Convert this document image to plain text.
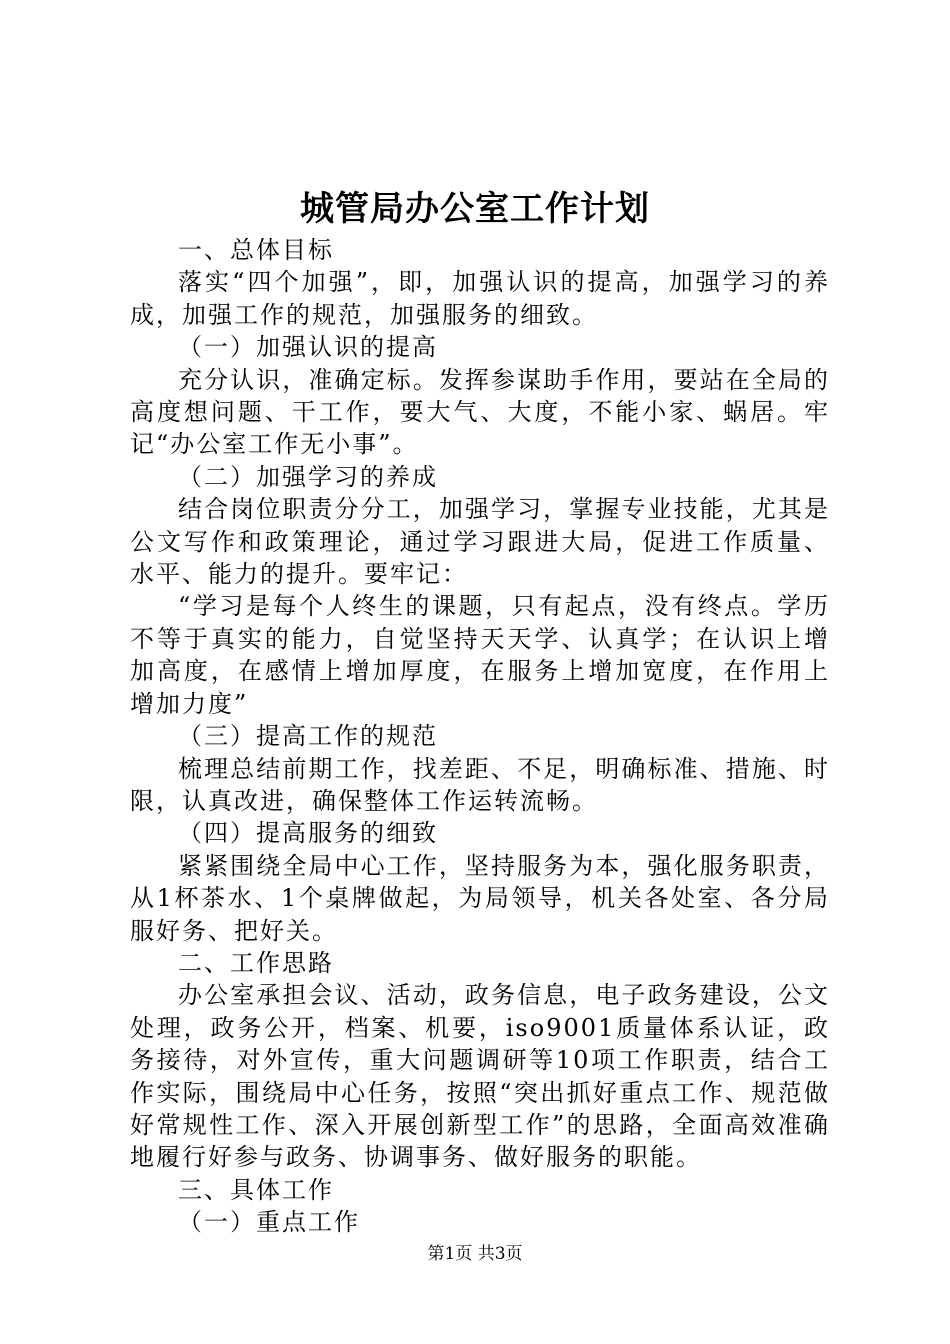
城管局办公室工作计划

一、总体目标

落实“四个加强”，即，加强认识的提高，加强学习的养成，加强工作的规范，加强服务的细致。

（一）加强认识的提高

充分认识，准确定标。发挥参谋助手作用，要站在全局的高度想问题、干工作，要大气、大度，不能小家、蜗居。牢记“办公室工作无小事”。

（二）加强学习的养成

结合岗位职责分分工，加强学习，掌握专业技能，尤其是公文写作和政策理论，通过学习跟进大局，促进工作质量、水平、能力的提升。要牢记：

“学习是每个人终生的课题，只有起点，没有终点。学历不等于真实的能力，自觉坚持天天学、认真学；在认识上增加高度，在感情上增加厚度，在服务上增加宽度，在作用上增加力度”

（三）提高工作的规范

梳理总结前期工作，找差距、不足，明确标准、措施、时限，认真改进，确保整体工作运转流畅。

（四）提高服务的细致

紧紧围绕全局中心工作，坚持服务为本，强化服务职责，从1杯茶水、1个桌牌做起，为局领导，机关各处室、各分局服好务、把好关。

二、工作思路

办公室承担会议、活动，政务信息，电子政务建设，公文处理，政务公开，档案、机要，iso9001质量体系认证，政务接待，对外宣传，重大问题调研等10项工作职责，结合工作实际，围绕局中心任务，按照“突出抓好重点工作、规范做好常规性工作、深入开展创新型工作”的思路，全面高效准确地履行好参与政务、协调事务、做好服务的职能。

三、具体工作

（一）重点工作

第1页 共3页
